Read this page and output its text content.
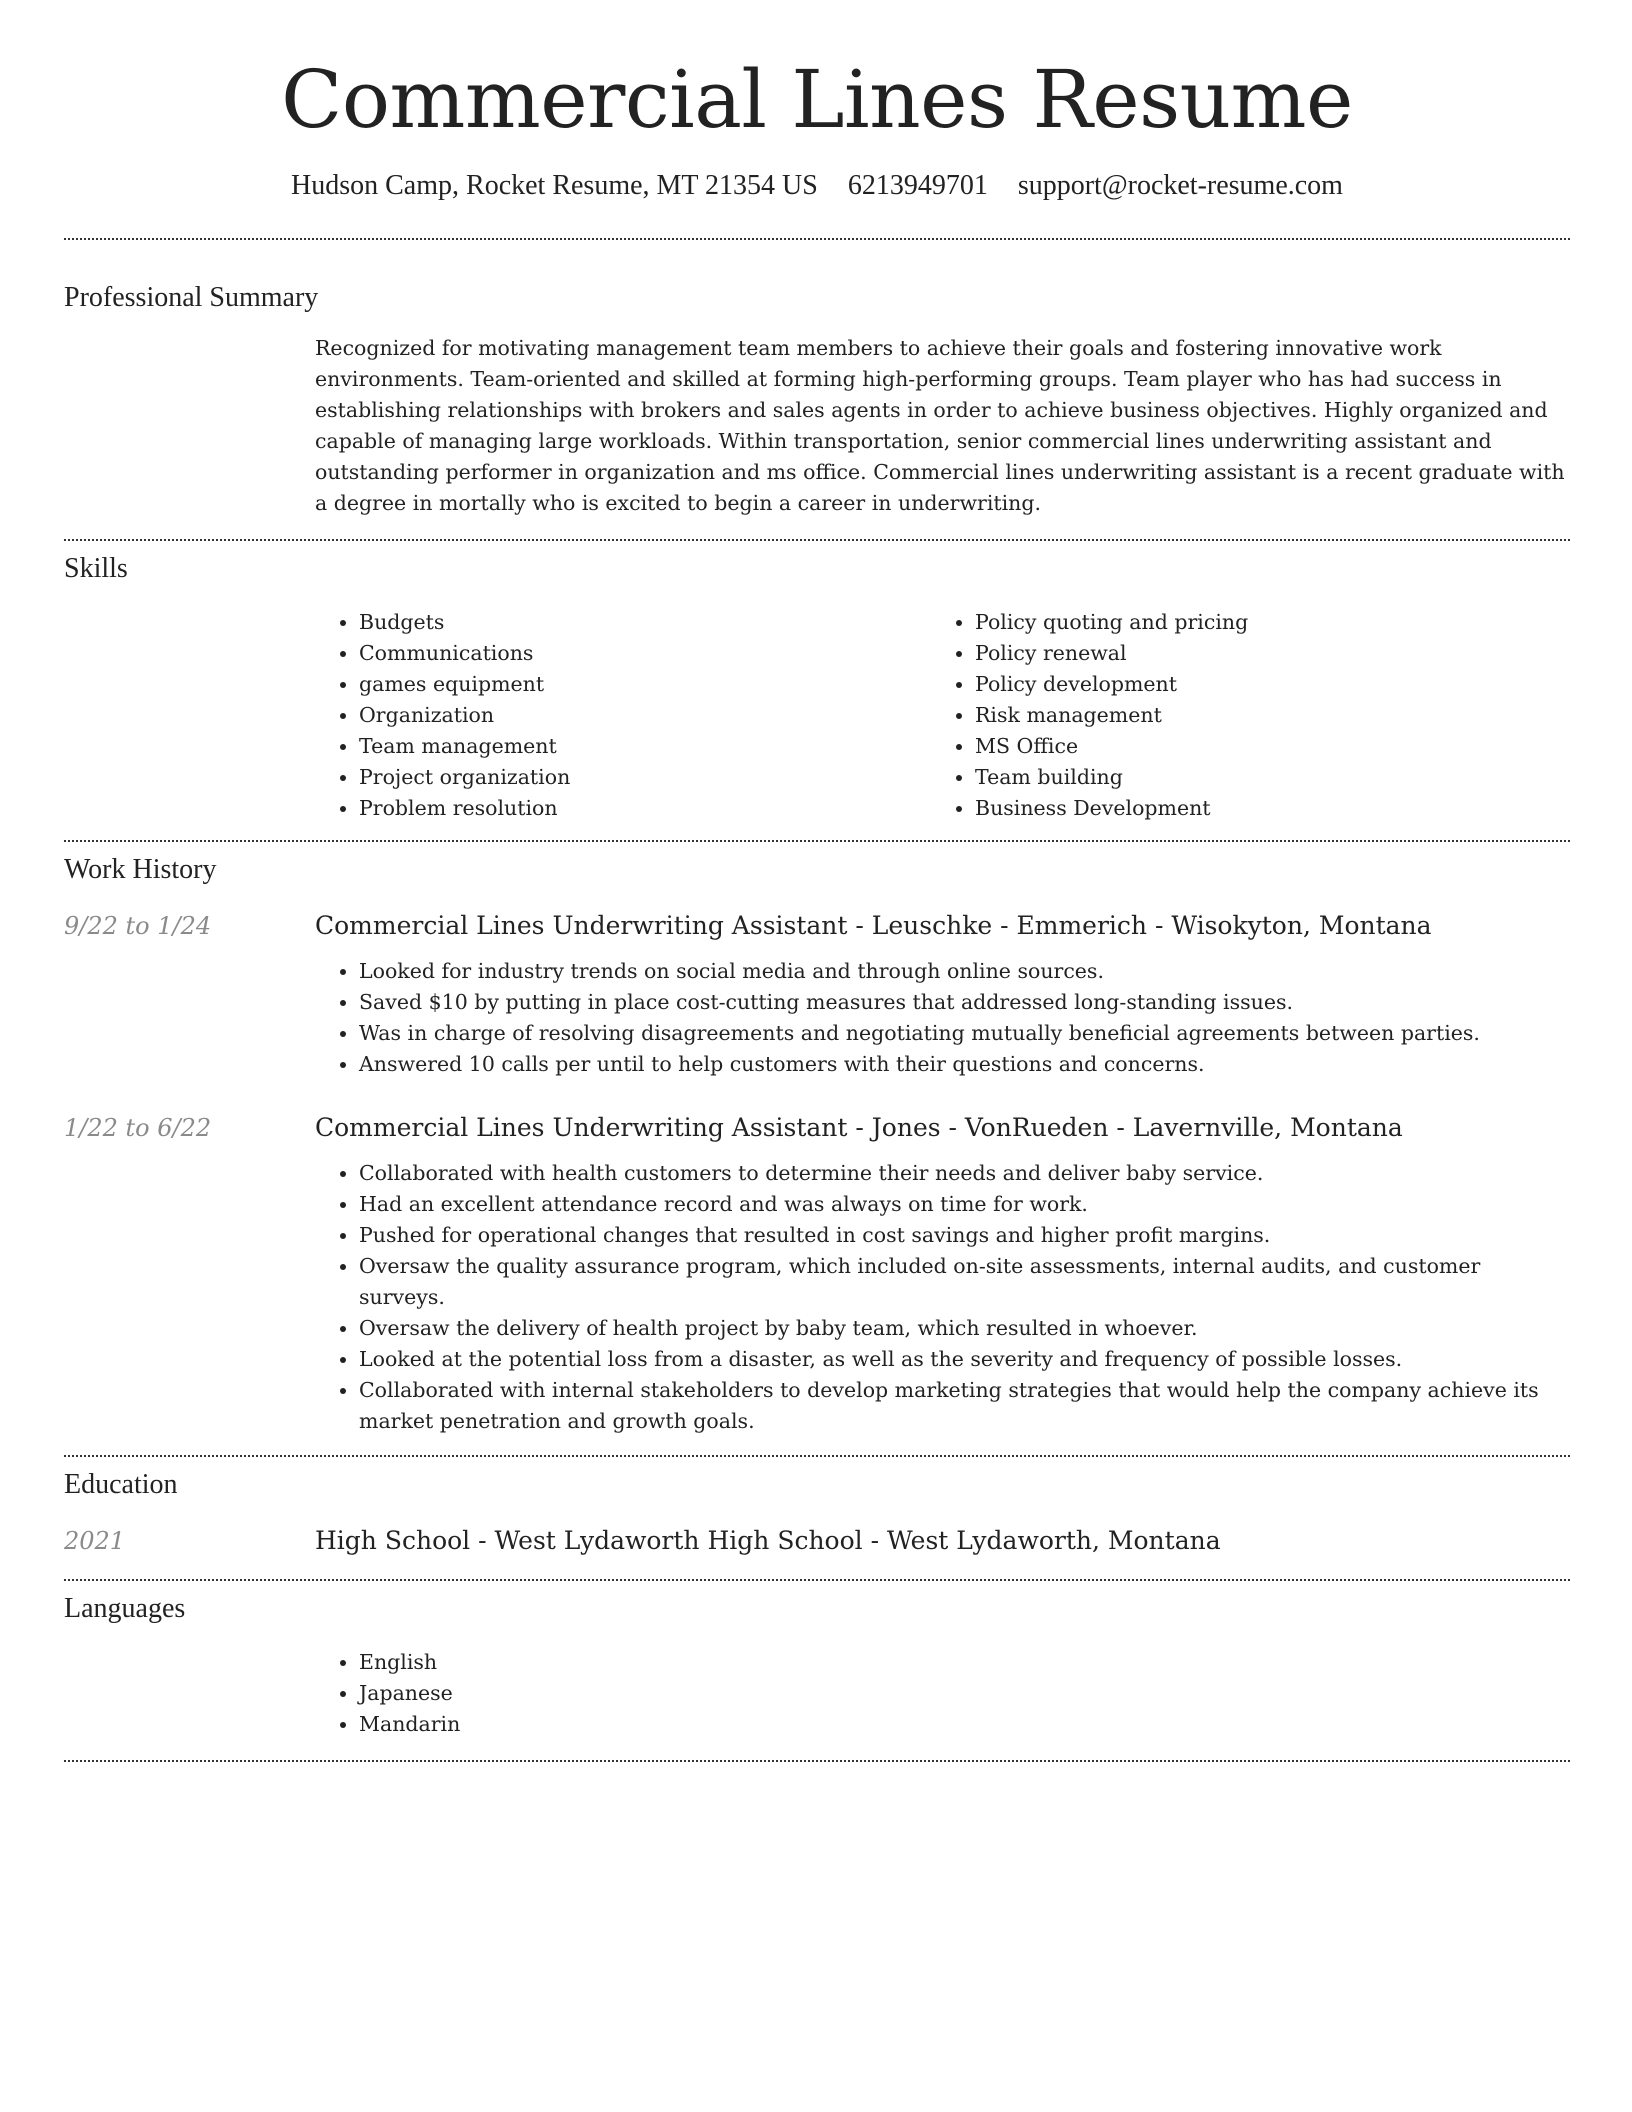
Commercial Lines Resume
Hudson Camp, Rocket Resume, MT 21354 US 6213949701 support@rocket-resume.com
Professional Summary
Recognized for motivating management team members to achieve their goals and fostering innovative work environments. Team-oriented and skilled at forming high-performing groups. Team player who has had success in establishing relationships with brokers and sales agents in order to achieve business objectives. Highly organized and capable of managing large workloads. Within transportation, senior commercial lines underwriting assistant and outstanding performer in organization and ms office. Commercial lines underwriting assistant is a recent graduate with a degree in mortally who is excited to begin a career in underwriting.
Skills
• Budgets
• Communications
• games equipment
• Organization
• Team management
• Project organization
• Problem resolution
• Policy quoting and pricing
• Policy renewal
• Policy development
• Risk management
• MS Office
• Team building
• Business Development
Work History
9/22 to 1/24	Commercial Lines Underwriting Assistant - Leuschke - Emmerich - Wisokyton, Montana
• Looked for industry trends on social media and through online sources.
• Saved $10 by putting in place cost-cutting measures that addressed long-standing issues.
• Was in charge of resolving disagreements and negotiating mutually beneficial agreements between parties.
• Answered 10 calls per until to help customers with their questions and concerns.
1/22 to 6/22	Commercial Lines Underwriting Assistant - Jones - VonRueden - Lavernville, Montana
• Collaborated with health customers to determine their needs and deliver baby service.
• Had an excellent attendance record and was always on time for work.
• Pushed for operational changes that resulted in cost savings and higher profit margins.
• Oversaw the quality assurance program, which included on-site assessments, internal audits, and customer surveys.
• Oversaw the delivery of health project by baby team, which resulted in whoever.
• Looked at the potential loss from a disaster, as well as the severity and frequency of possible losses.
• Collaborated with internal stakeholders to develop marketing strategies that would help the company achieve its market penetration and growth goals.
Education
2021	High School - West Lydaworth High School - West Lydaworth, Montana
Languages
• English
• Japanese
• Mandarin
